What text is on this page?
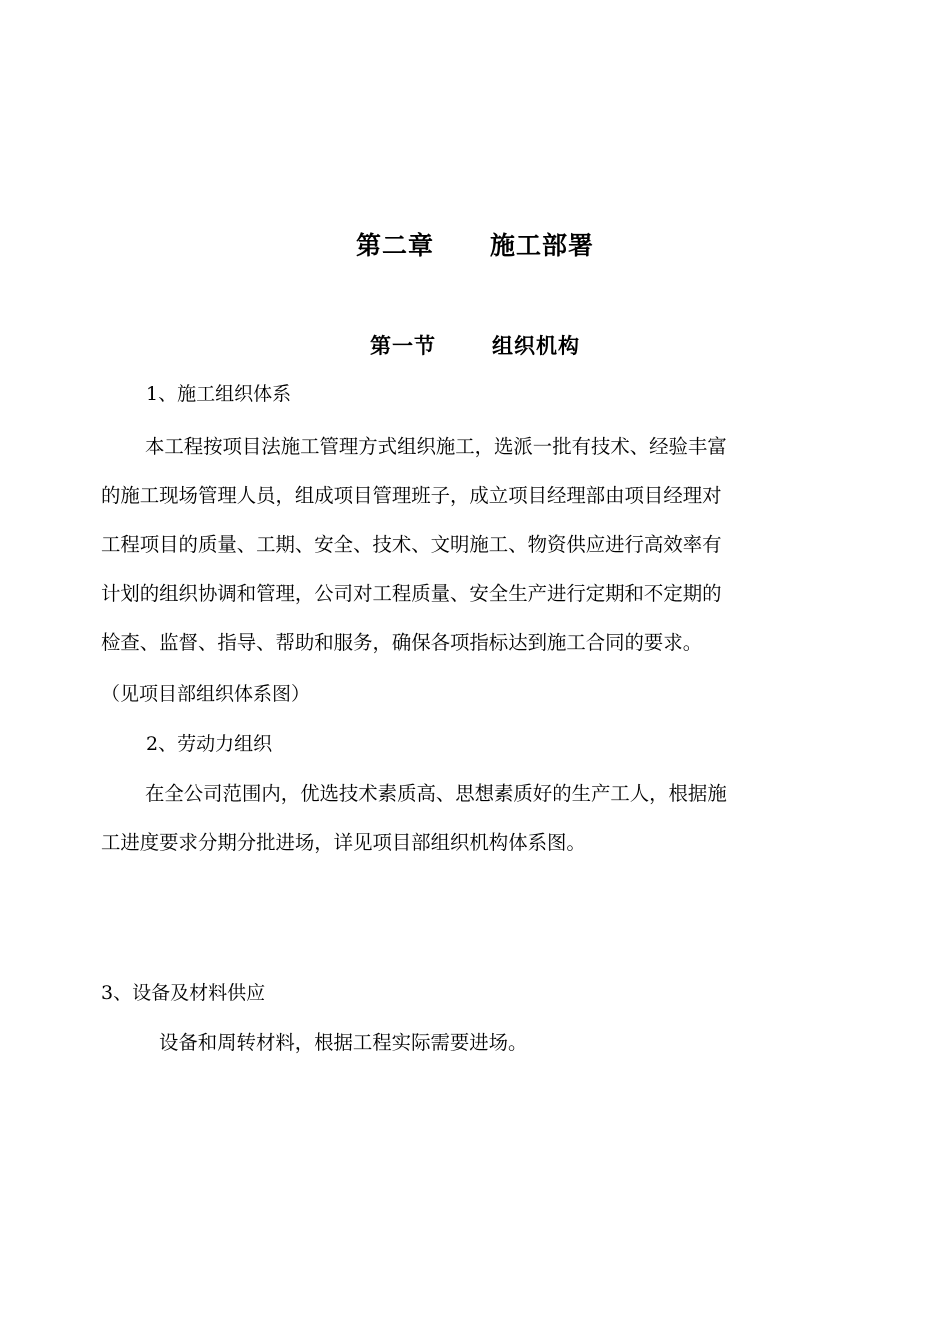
第二章 施工部署
第一节	组织机构
1、施工组织体系
本工程按项目法施工管理方式组织施工，选派一批有技术、经验丰富
的施工现场管理人员，组成项目管理班子，成立项目经理部由项目经理对
工程项目的质量、工期、安全、技术、文明施工、物资供应进行高效率有
计划的组织协调和管理，公司对工程质量、安全生产进行定期和不定期的
检查、监督、指导、帮助和服务，确保各项指标达到施工合同的要求。
（见项目部组织体系图）
2、劳动力组织
在全公司范围内，优选技术素质高、思想素质好的生产工人，根据施
工进度要求分期分批进场，详见项目部组织机构体系图。
3、设备及材料供应
设备和周转材料，根据工程实际需要进场。
